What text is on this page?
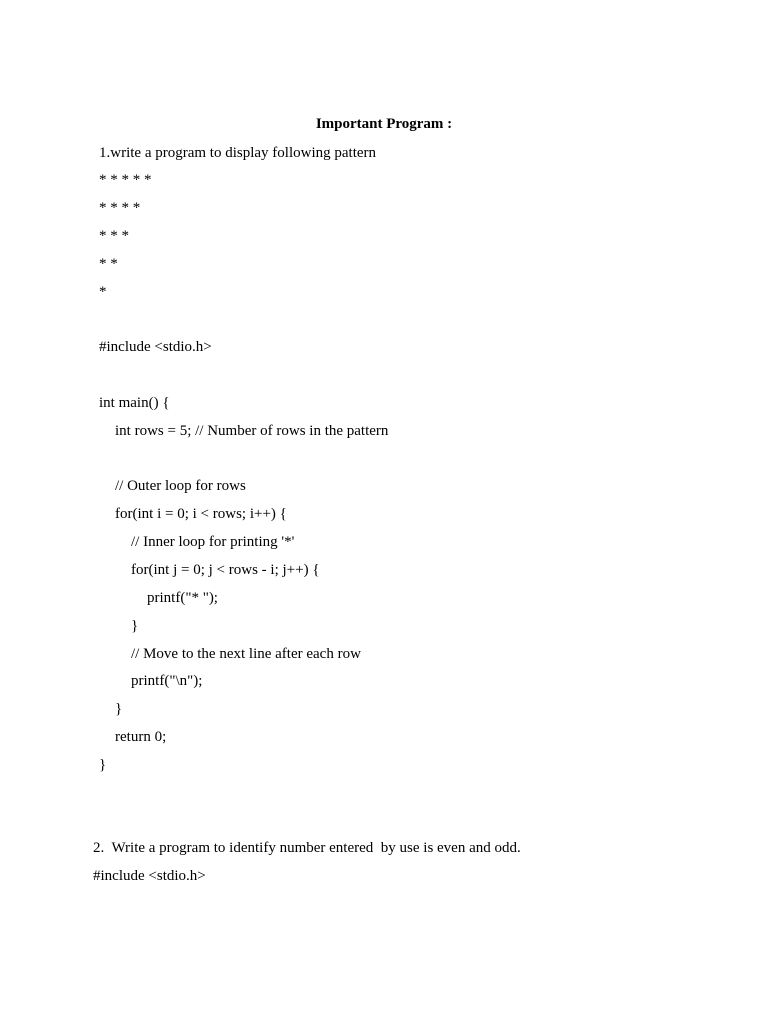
Important Program :
1.write a program to display following pattern
* * * * *
* * * *
* * *
* *
*
#include <stdio.h>
int main() {
int rows = 5; // Number of rows in the pattern
// Outer loop for rows
for(int i = 0; i < rows; i++) {
// Inner loop for printing '*'
for(int j = 0; j < rows - i; j++) {
printf("* ");
}
// Move to the next line after each row
printf("\n");
}
return 0;
}
2.  Write a program to identify number entered  by use is even and odd.
#include <stdio.h>
